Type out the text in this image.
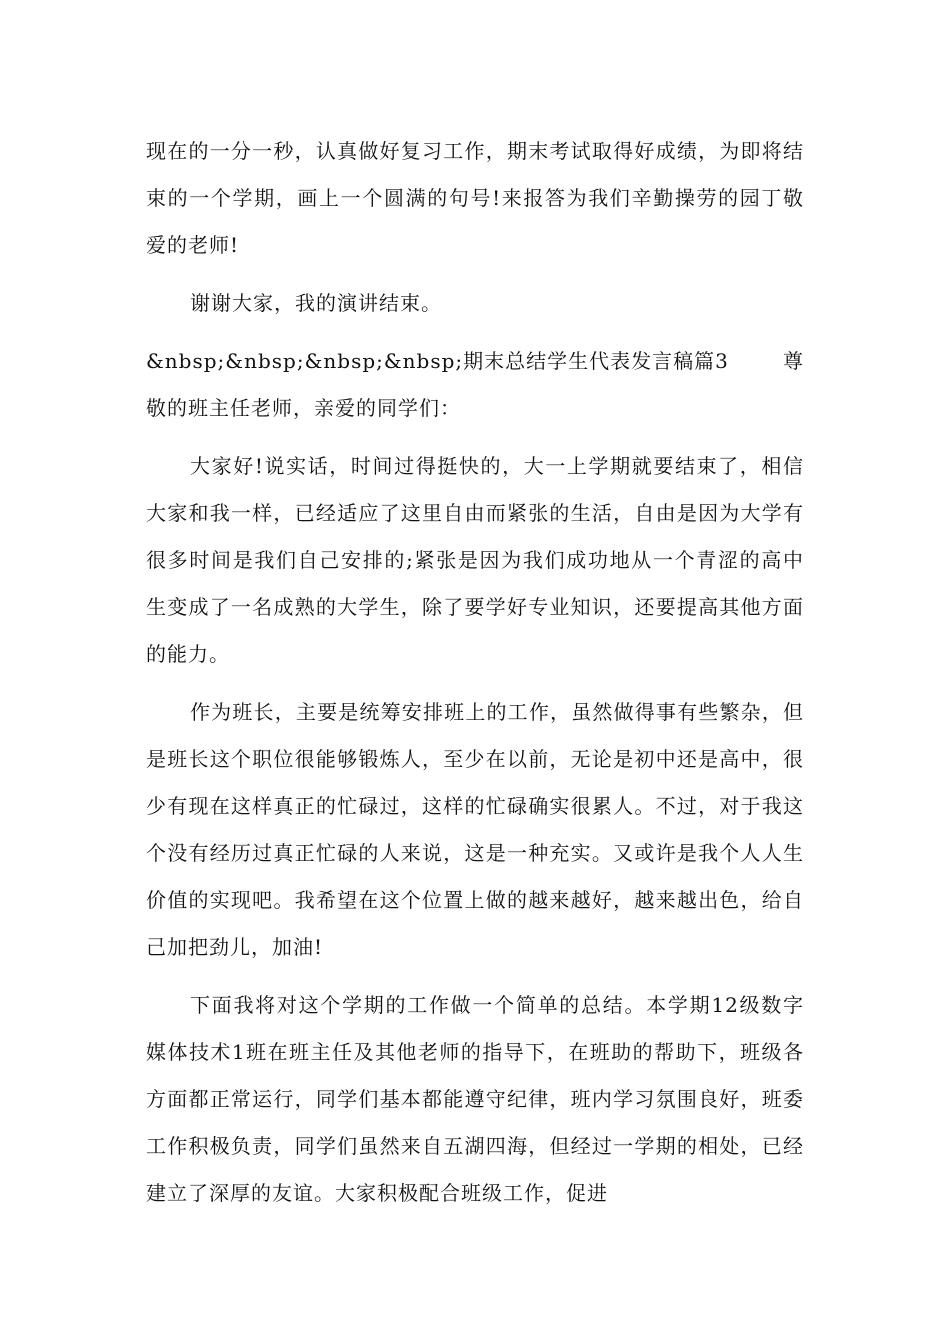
现在的一分一秒，认真做好复习工作，期末考试取得好成绩，为即将结束的一个学期，画上一个圆满的句号!来报答为我们辛勤操劳的园丁敬爱的老师!

谢谢大家，我的演讲结束。

&nbsp;&nbsp;&nbsp;&nbsp;期末总结学生代表发言稿篇3	尊

敬的班主任老师，亲爱的同学们：

大家好!说实话，时间过得挺快的，大一上学期就要结束了，相信大家和我一样，已经适应了这里自由而紧张的生活，自由是因为大学有很多时间是我们自己安排的;紧张是因为我们成功地从一个青涩的高中生变成了一名成熟的大学生，除了要学好专业知识，还要提高其他方面的能力。

作为班长，主要是统筹安排班上的工作，虽然做得事有些繁杂，但是班长这个职位很能够锻炼人，至少在以前，无论是初中还是高中，很少有现在这样真正的忙碌过，这样的忙碌确实很累人。不过，对于我这个没有经历过真正忙碌的人来说，这是一种充实。又或许是我个人人生价值的实现吧。我希望在这个位置上做的越来越好，越来越出色，给自己加把劲儿，加油!

下面我将对这个学期的工作做一个简单的总结。本学期12级数字媒体技术1班在班主任及其他老师的指导下，在班助的帮助下，班级各方面都正常运行，同学们基本都能遵守纪律，班内学习氛围良好，班委工作积极负责，同学们虽然来自五湖四海，但经过一学期的相处，已经建立了深厚的友谊。大家积极配合班级工作，促进
